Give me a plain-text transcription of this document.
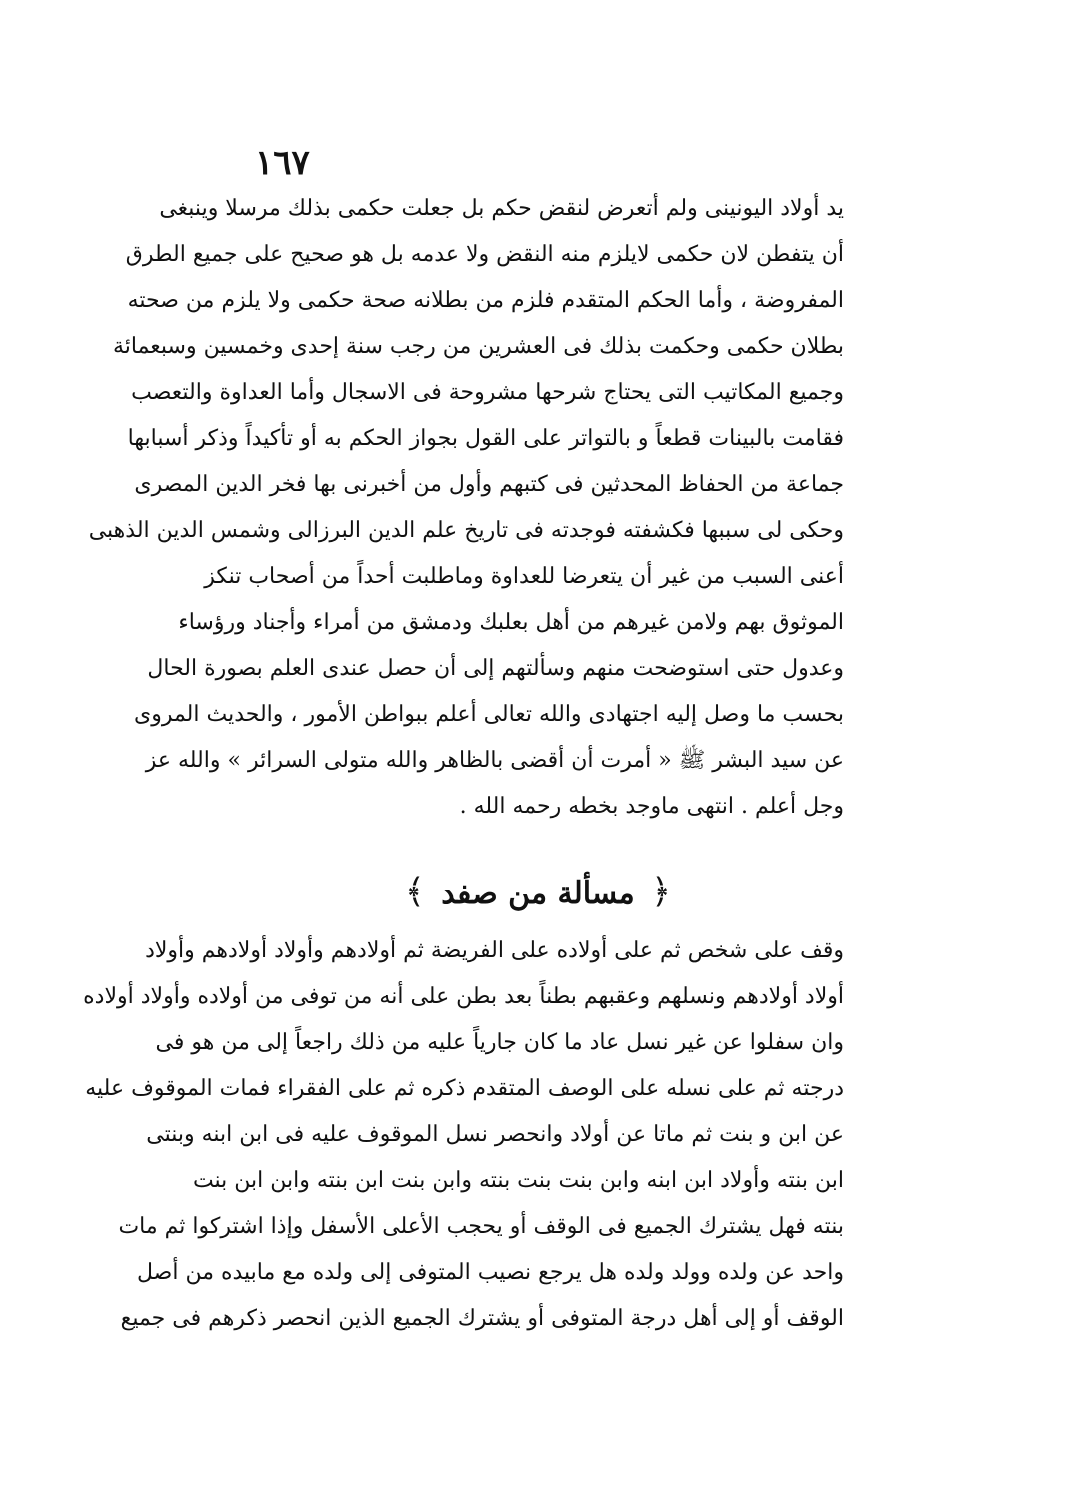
١٦٧
يد أولاد اليونينى ولم أتعرض لنقض حكم بل جعلت حكمى بذلك مرسلا وينبغى
أن يتفطن لان حكمى لايلزم منه النقض ولا عدمه بل هو صحيح على جميع الطرق
المفروضة ، وأما الحكم المتقدم فلزم من بطلانه صحة حكمى ولا يلزم من صحته
بطلان حكمى وحكمت بذلك فى العشرين من رجب سنة إحدى وخمسين وسبعمائة
وجميع المكاتيب التى يحتاج شرحها مشروحة فى الاسجال وأما العداوة والتعصب
فقامت بالبينات قطعاً و بالتواتر على القول بجواز الحكم به أو تأكيداً وذكر أسبابها
جماعة من الحفاظ المحدثين فى كتبهم وأول من أخبرنى بها فخر الدين المصرى
وحكى لى سببها فكشفته فوجدته فى تاريخ علم الدين البرزالى وشمس الدين الذهبى
أعنى السبب من غير أن يتعرضا للعداوة وماطلبت أحداً من أصحاب تنكز
الموثوق بهم ولامن غيرهم من أهل بعلبك ودمشق من أمراء وأجناد ورؤساء
وعدول حتى استوضحت منهم وسألتهم إلى أن حصل عندى العلم بصورة الحال
بحسب ما وصل إليه اجتهادى والله تعالى أعلم ببواطن الأمور ، والحديث المروى
عن سيد البشر ﷺ « أمرت أن أقضى بالظاهر والله متولى السرائر » والله عز
وجل أعلم . انتهى ماوجد بخطه رحمه الله .
﴿ مسألة من صفد ﴾
وقف على شخص ثم على أولاده على الفريضة ثم أولادهم وأولاد أولادهم وأولاد
أولاد أولادهم ونسلهم وعقبهم بطناً بعد بطن على أنه من توفى من أولاده وأولاد أولاده
وان سفلوا عن غير نسل عاد ما كان جارياً عليه من ذلك راجعاً إلى من هو فى
درجته ثم على نسله على الوصف المتقدم ذكره ثم على الفقراء فمات الموقوف عليه
عن ابن و بنت ثم ماتا عن أولاد وانحصر نسل الموقوف عليه فى ابن ابنه وبنتى
ابن بنته وأولاد ابن ابنه وابن بنت بنت بنته وابن بنت ابن بنته وابن ابن بنت
بنته فهل يشترك الجميع فى الوقف أو يحجب الأعلى الأسفل وإذا اشتركوا ثم مات
واحد عن ولده وولد ولده هل يرجع نصيب المتوفى إلى ولده مع مابيده من أصل
الوقف أو إلى أهل درجة المتوفى أو يشترك الجميع الذين انحصر ذكرهم فى جميع
